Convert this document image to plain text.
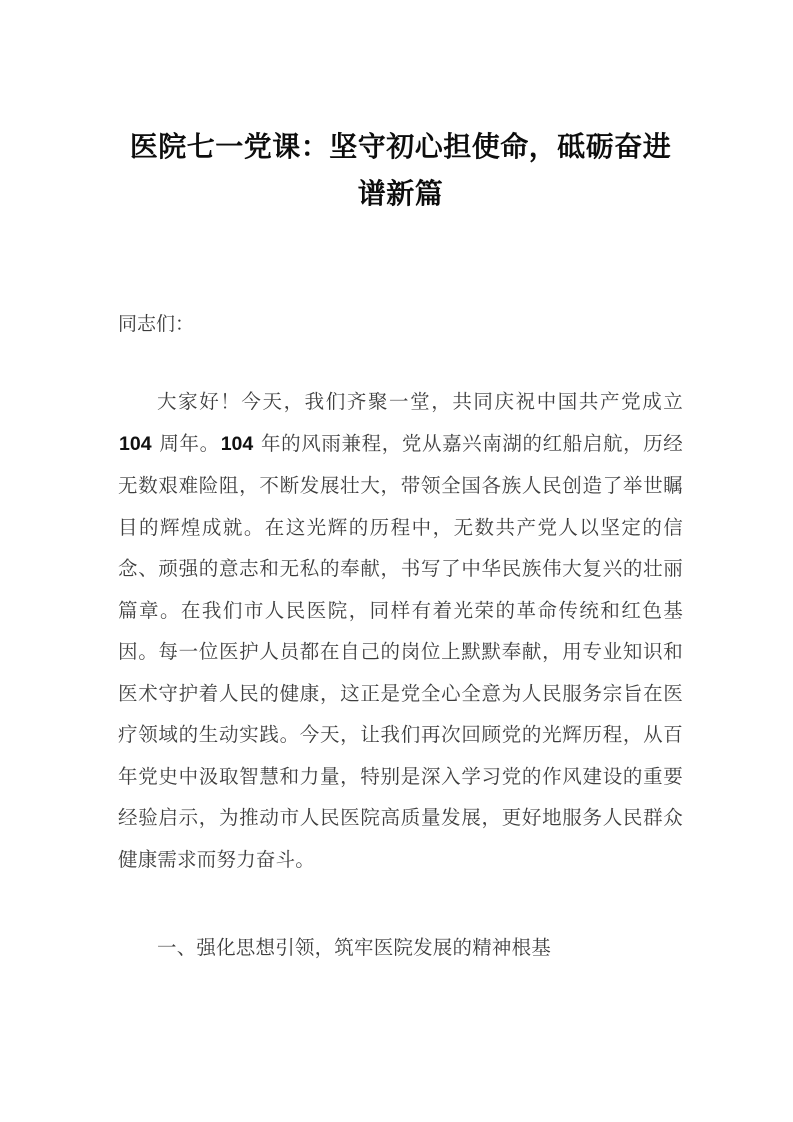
医院七一党课：坚守初心担使命，砥砺奋进谱新篇

同志们：

大家好！今天，我们齐聚一堂，共同庆祝中国共产党成立 104 周年。104 年的风雨兼程，党从嘉兴南湖的红船启航，历经无数艰难险阻，不断发展壮大，带领全国各族人民创造了举世瞩目的辉煌成就。在这光辉的历程中，无数共产党人以坚定的信念、顽强的意志和无私的奉献，书写了中华民族伟大复兴的壮丽篇章。在我们市人民医院，同样有着光荣的革命传统和红色基因。每一位医护人员都在自己的岗位上默默奉献，用专业知识和医术守护着人民的健康，这正是党全心全意为人民服务宗旨在医疗领域的生动实践。今天，让我们再次回顾党的光辉历程，从百年党史中汲取智慧和力量，特别是深入学习党的作风建设的重要经验启示，为推动市人民医院高质量发展，更好地服务人民群众健康需求而努力奋斗。

一、强化思想引领，筑牢医院发展的精神根基
